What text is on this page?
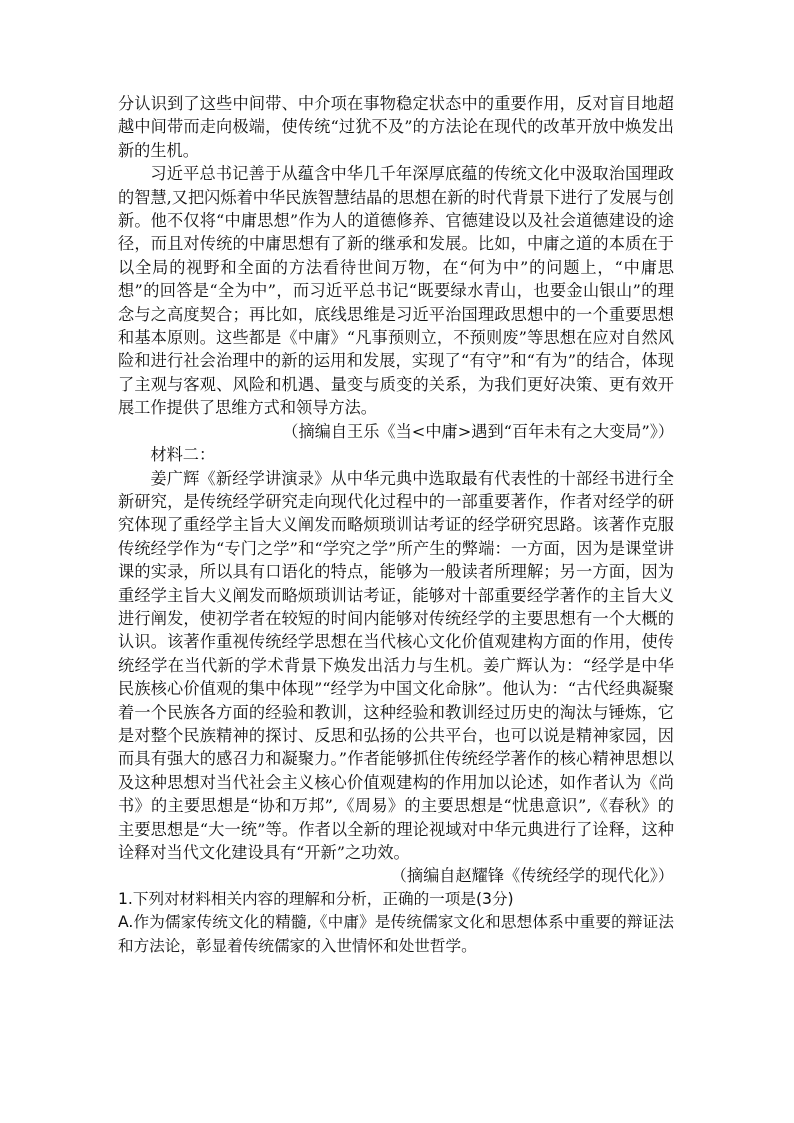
分认识到了这些中间带、中介项在事物稳定状态中的重要作用，反对盲目地超越中间带而走向极端，使传统“过犹不及”的方法论在现代的改革开放中焕发出新的生机。

习近平总书记善于从蕴含中华几千年深厚底蕴的传统文化中汲取治国理政的智慧,又把闪烁着中华民族智慧结晶的思想在新的时代背景下进行了发展与创新。他不仅将“中庸思想”作为人的道德修养、官德建设以及社会道德建设的途径，而且对传统的中庸思想有了新的继承和发展。比如，中庸之道的本质在于以全局的视野和全面的方法看待世间万物，在“何为中”的问题上，“中庸思想”的回答是“全为中”，而习近平总书记“既要绿水青山，也要金山银山”的理念与之高度契合；再比如，底线思维是习近平治国理政思想中的一个重要思想和基本原则。这些都是《中庸》“凡事预则立，不预则废”等思想在应对自然风险和进行社会治理中的新的运用和发展，实现了“有守”和“有为”的结合，体现了主观与客观、风险和机遇、量变与质变的关系，为我们更好决策、更有效开展工作提供了思维方式和领导方法。

（摘编自王乐《当<中庸>遇到“百年未有之大变局”》）

材料二：

姜广辉《新经学讲演录》从中华元典中选取最有代表性的十部经书进行全新研究，是传统经学研究走向现代化过程中的一部重要著作，作者对经学的研究体现了重经学主旨大义阐发而略烦琐训诂考证的经学研究思路。该著作克服传统经学作为“专门之学”和“学究之学”所产生的弊端：一方面，因为是课堂讲课的实录，所以具有口语化的特点，能够为一般读者所理解；另一方面，因为重经学主旨大义阐发而略烦琐训诂考证，能够对十部重要经学著作的主旨大义进行阐发，使初学者在较短的时间内能够对传统经学的主要思想有一个大概的认识。该著作重视传统经学思想在当代核心文化价值观建构方面的作用，使传统经学在当代新的学术背景下焕发出活力与生机。姜广辉认为：“经学是中华民族核心价值观的集中体现”“经学为中国文化命脉”。他认为：“古代经典凝聚着一个民族各方面的经验和教训，这种经验和教训经过历史的淘汰与锤炼，它是对整个民族精神的探讨、反思和弘扬的公共平台，也可以说是精神家园，因而具有强大的感召力和凝聚力。”作者能够抓住传统经学著作的核心精神思想以及这种思想对当代社会主义核心价值观建构的作用加以论述，如作者认为《尚书》的主要思想是“协和万邦”,《周易》的主要思想是“忧患意识”,《春秋》的主要思想是“大一统”等。作者以全新的理论视域对中华元典进行了诠释，这种诠释对当代文化建设具有“开新”之功效。

（摘编自赵耀锋《传统经学的现代化》）

1.下列对材料相关内容的理解和分析，正确的一项是(3分)

A.作为儒家传统文化的精髓,《中庸》是传统儒家文化和思想体系中重要的辩证法和方法论，彰显着传统儒家的入世情怀和处世哲学。
